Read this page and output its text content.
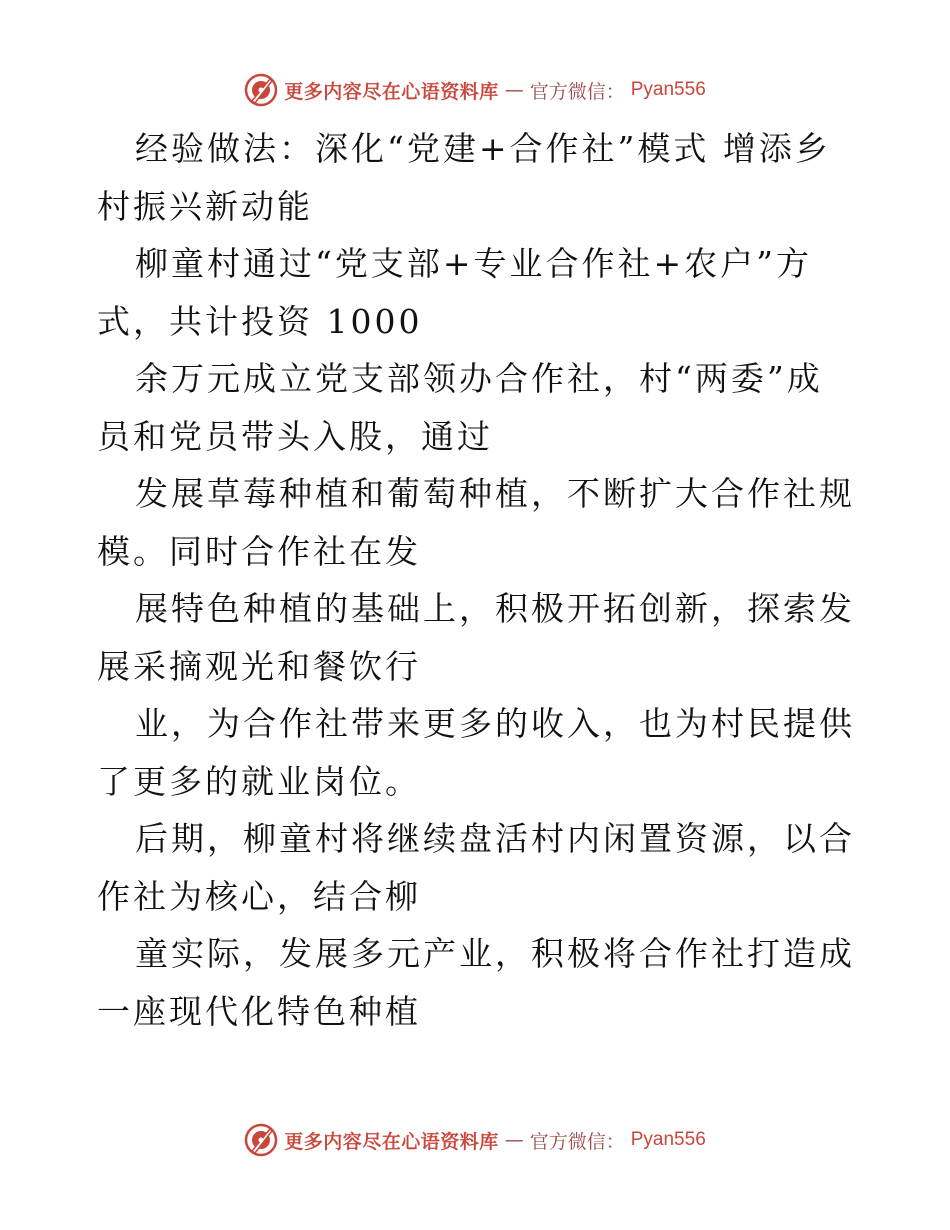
更多内容尽在心语资料库 — 官方微信： Pyan556

经验做法：深化“党建+合作社”模式 增添乡村振兴新动能

柳童村通过“党支部+专业合作社+农户”方式，共计投资 1000

余万元成立党支部领办合作社，村“两委”成员和党员带头入股，通过

发展草莓种植和葡萄种植，不断扩大合作社规模。同时合作社在发

展特色种植的基础上，积极开拓创新，探索发展采摘观光和餐饮行

业，为合作社带来更多的收入，也为村民提供了更多的就业岗位。

后期，柳童村将继续盘活村内闲置资源，以合作社为核心，结合柳

童实际，发展多元产业，积极将合作社打造成一座现代化特色种植

更多内容尽在心语资料库 — 官方微信： Pyan556
